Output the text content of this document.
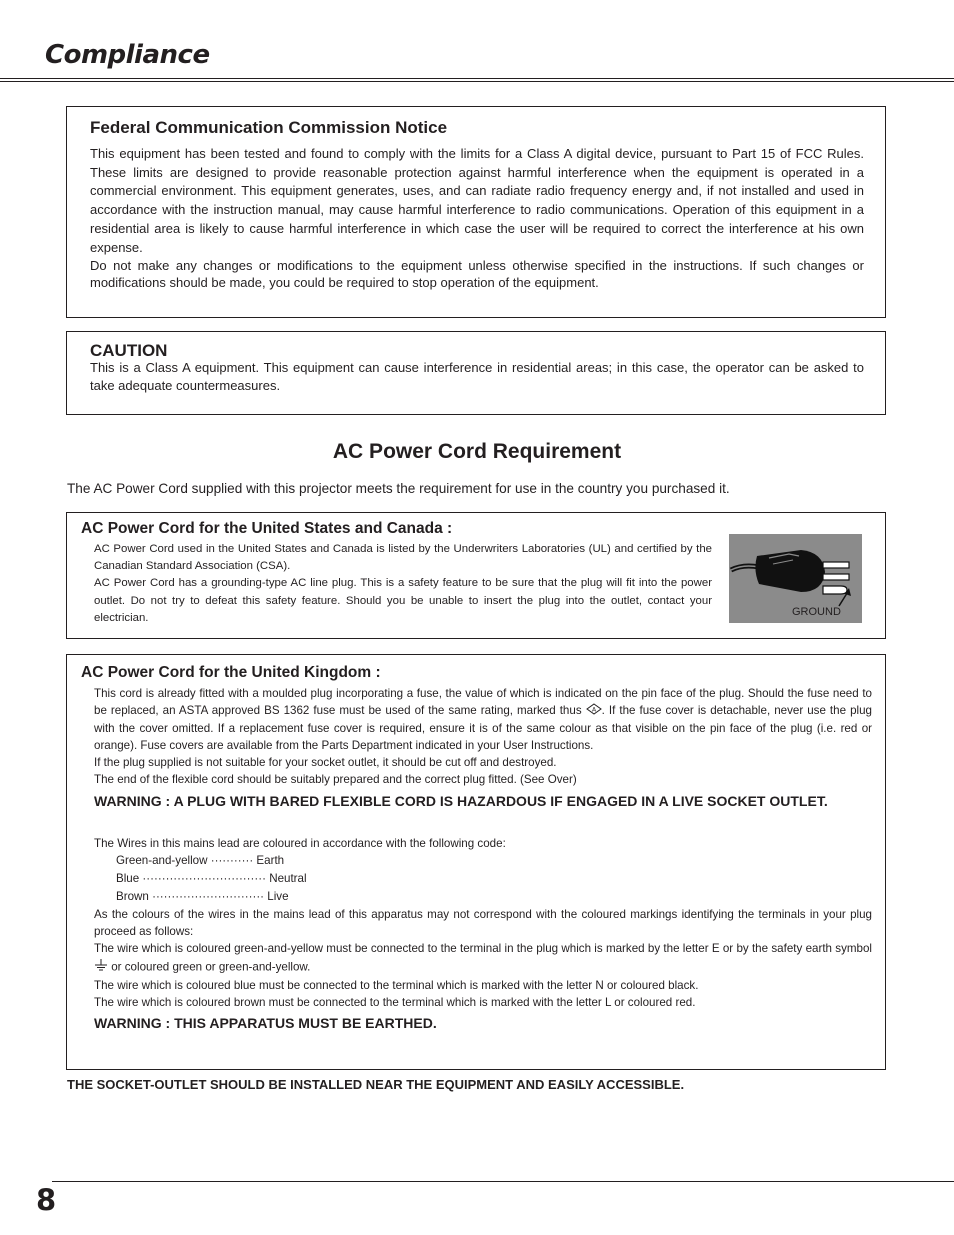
Compliance
Federal Communication Commission Notice

This equipment has been tested and found to comply with the limits for a Class A digital device, pursuant to Part 15 of FCC Rules. These limits are designed to provide reasonable protection against harmful interference when the equipment is operated in a commercial environment. This equipment generates, uses, and can radiate radio frequency energy and, if not installed and used in accordance with the instruction manual, may cause harmful interference to radio communications. Operation of this equipment in a residential area is likely to cause harmful interference in which case the user will be required to correct the interference at his own expense.

Do not make any changes or modifications to the equipment unless otherwise specified in the instructions. If such changes or modifications should be made, you could be required to stop operation of the equipment.

CAUTION

This is a Class A equipment. This equipment can cause interference in residential areas; in this case, the operator can be asked to take adequate countermeasures.

AC Power Cord Requirement

The AC Power Cord supplied with this projector meets the requirement for use in the country you purchased it.

AC Power Cord for the United States and Canada :

AC Power Cord used in the United States and Canada is listed by the Underwriters Laboratories (UL) and certified by the Canadian Standard Association (CSA).

AC Power Cord has a grounding-type AC line plug. This is a safety feature to be sure that the plug will fit into the power outlet. Do not try to defeat this safety feature. Should you be unable to insert the plug into the outlet, contact your electrician.	GROUND
AC Power Cord for the United Kingdom :

This cord is already fitted with a moulded plug incorporating a fuse, the value of which is indicated on the pin face of the plug. Should the fuse need to be replaced, an ASTA approved BS 1362 fuse must be used of the same rating, marked thus A . If the fuse cover is detachable, never use the plug with the cover omitted. If a replacement fuse cover is required, ensure it is of the same colour as that visible on the pin face of the plug (i.e. red or orange). Fuse covers are available from the Parts Department indicated in your User Instructions.

If the plug supplied is not suitable for your socket outlet, it should be cut off and destroyed.

The end of the flexible cord should be suitably prepared and the correct plug fitted. (See Over)

WARNING : A PLUG WITH BARED FLEXIBLE CORD IS HAZARDOUS IF ENGAGED IN A LIVE SOCKET OUTLET.

The Wires in this mains lead are coloured in accordance with the following code:
Green-and-yellow ··········· Earth
Blue ································ Neutral
Brown ····························· Live

As the colours of the wires in the mains lead of this apparatus may not correspond with the coloured markings identifying the terminals in your plug proceed as follows:

The wire which is coloured green-and-yellow must be connected to the terminal in the plug which is marked by the letter E or by the safety earth symbol  or coloured green or green-and-yellow.

The wire which is coloured blue must be connected to the terminal which is marked with the letter N or coloured black.

The wire which is coloured brown must be connected to the terminal which is marked with the letter L or coloured red.

WARNING : THIS APPARATUS MUST BE EARTHED.

THE SOCKET-OUTLET SHOULD BE INSTALLED NEAR THE EQUIPMENT AND EASILY ACCESSIBLE.
8
